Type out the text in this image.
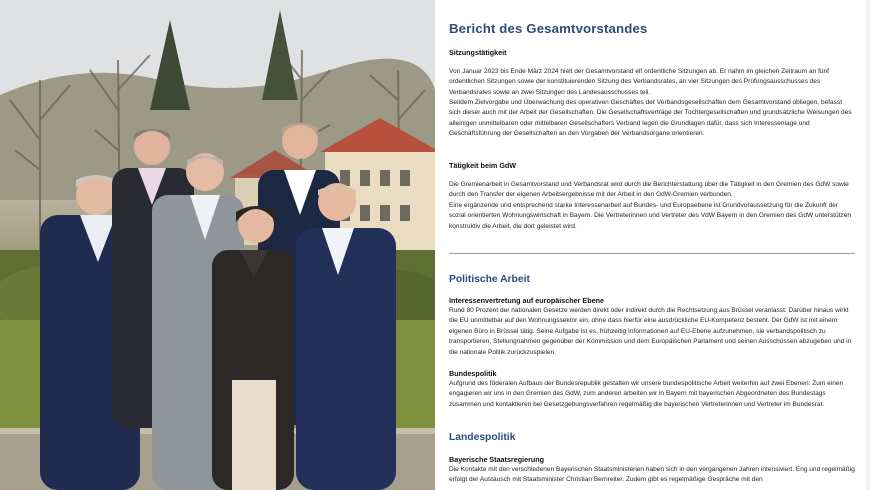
Bericht des Gesamtvorstandes
Sitzungstätigkeit

Von Januar 2023 bis Ende März 2024 hielt der Gesamtvorstand elf ordentliche Sitzungen ab. Er nahm im gleichen Zeitraum an fünf ordentlichen Sitzungen sowie der konstituierenden Sitzung des Verbandsrates, an vier Sitzungen des Prüfungsausschusses des Verbandsrates sowie an zwei Sitzungen des Landesausschusses teil.

Seitdem Zielvorgabe und Überwachung des operativen Geschäftes der Verbandsgesellschaften dem Gesamtvorstand obliegen, befasst sich dieser auch mit der Arbeit der Gesellschaften. Die Gesellschaftsverträge der Tochtergesellschaften und grundsätzliche Weisungen des alleinigen unmittelbaren oder mittelbaren Gesellschafters Verband legen die Grundlagen dafür, dass sich Interessenlage und Geschäftsführung der Gesellschaften an den Vorgaben der Verbandsorgane orientieren.

Tätigkeit beim GdW

Die Gremienarbeit in Gesamtvorstand und Verbandsrat wird durch die Berichterstattung über die Tätigkeit in den Gremien des GdW sowie durch den Transfer der eigenen Arbeitsergebnisse mit der Arbeit in den GdW-Gremien verbunden.

Eine ergänzende und entsprechend starke Interessenarbeit auf Bundes- und Europaebene ist Grundvoraussetzung für die Zukunft der sozial orientierten Wohnungswirtschaft in Bayern. Die Vertreterinnen und Vertreter des VdW Bayern in den Gremien des GdW unterstützen konstruktiv die Arbeit, die dort geleistet wird.

Politische Arbeit
Interessenvertretung auf europäischer Ebene

Rund 80 Prozent der nationalen Gesetze werden direkt oder indirekt durch die Rechtsetzung aus Brüssel veranlasst. Darüber hinaus wirkt die EU unmittelbar auf den Wohnungssektor ein, ohne dass hierfür eine ausdrückliche EU-Kompetenz besteht. Der GdW ist mit einem eigenen Büro in Brüssel tätig. Seine Aufgabe ist es, frühzeitig Informationen auf EU-Ebene aufzunehmen, sie verbandspolitisch zu transportieren, Stellungnahmen gegenüber der Kommission und dem Europäischen Parlament und seinen Ausschüssen abzugeben und in die nationale Politik zurückzuspielen.

Bundespolitik

Aufgrund des föderalen Aufbaus der Bundesrepublik gestalten wir unsere bundespolitische Arbeit weiterhin auf zwei Ebenen: Zum einen engagieren wir uns in den Gremien des GdW, zum anderen arbeiten wir in Bayern mit bayerischen Abgeordneten des Bundestags zusammen und kontaktieren bei Gesetzgebungsverfahren regelmäßig die bayerischen Vertreterinnen und Vertreter im Bundesrat.

Landespolitik
Bayerische Staatsregierung

Die Kontakte mit den verschiedenen Bayerischen Staatsministerien haben sich in den vergangenen Jahren intensiviert. Eng und regelmäßig erfolgt der Austausch mit Staatsminister Christian Bernreiter. Zudem gibt es regelmäßige Gespräche mit den
